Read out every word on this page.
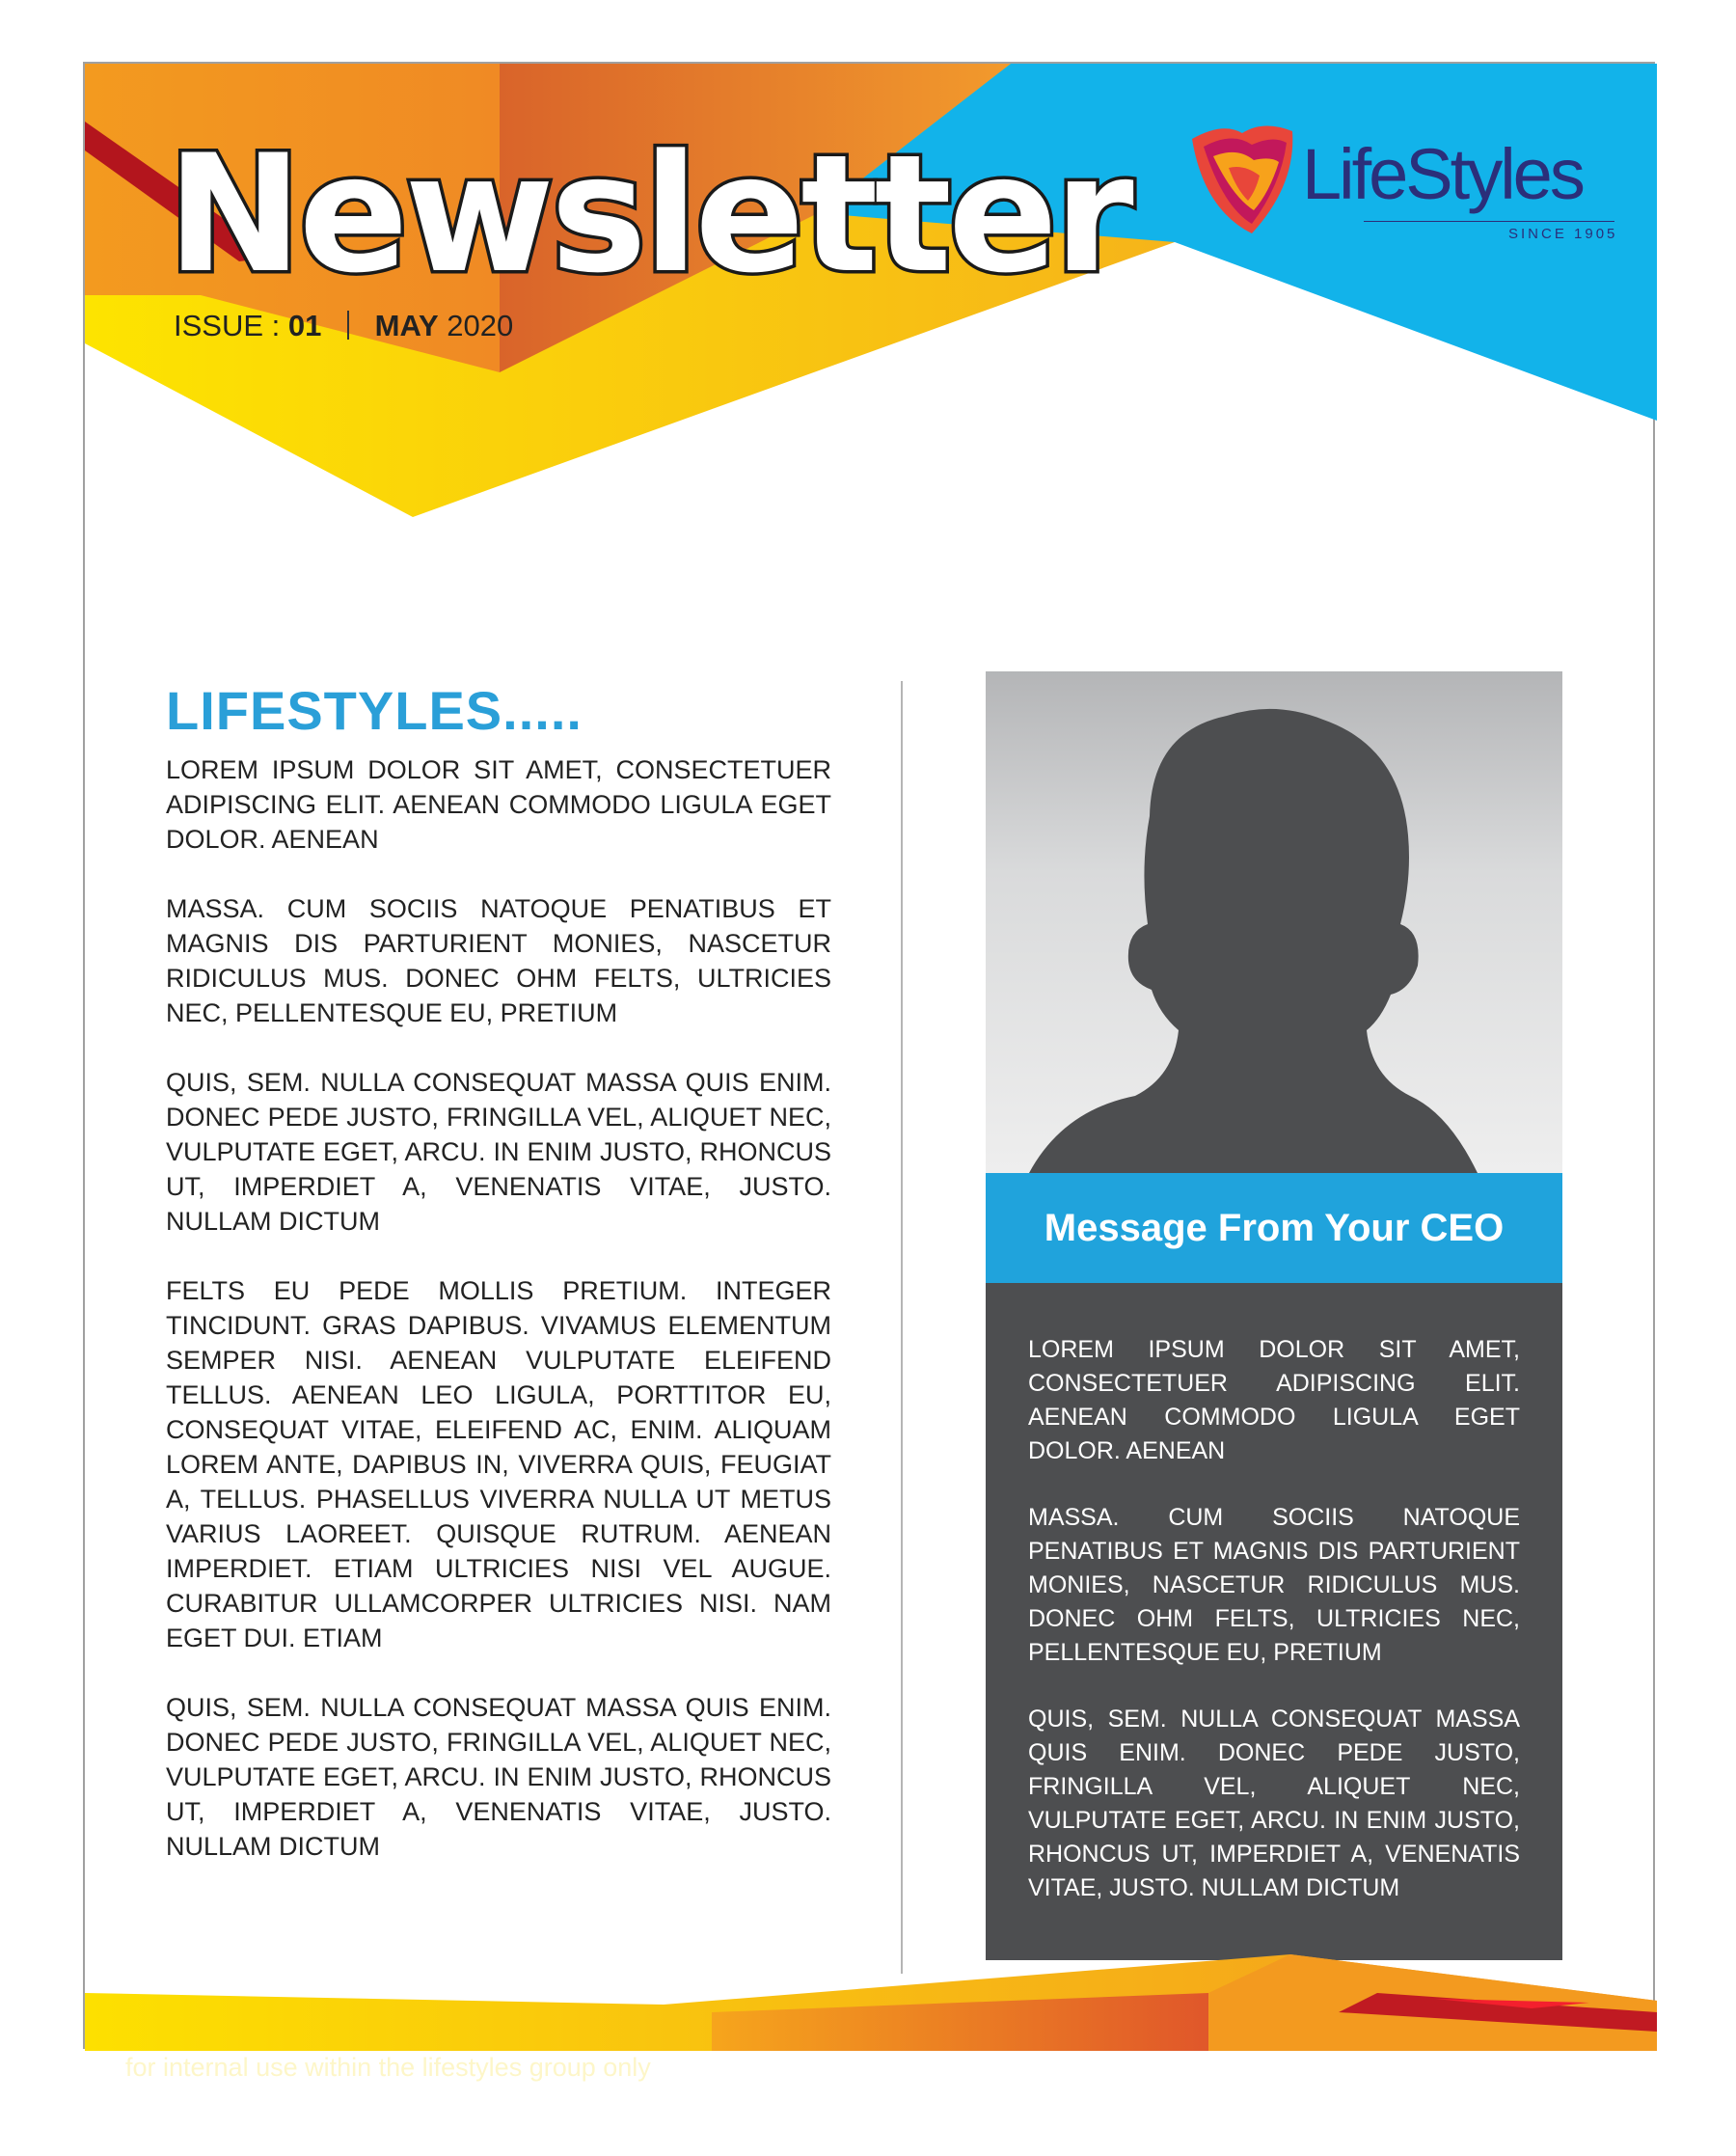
Newsletter
ISSUE : 01 MAY 2020
LifeStyles
SINCE 1905
LIFESTYLES.....

LOREM IPSUM DOLOR SIT AMET, CONSECTETUER ADIPISCING ELIT. AENEAN COMMODO LIGULA EGET DOLOR. AENEAN

MASSA. CUM SOCIIS NATOQUE PENATIBUS ET MAGNIS DIS PARTURIENT MONIES, NASCETUR RIDICULUS MUS. DONEC OHM FELTS, ULTRICIES NEC, PELLENTESQUE EU, PRETIUM

QUIS, SEM. NULLA CONSEQUAT MASSA QUIS ENIM. DONEC PEDE JUSTO, FRINGILLA VEL, ALIQUET NEC, VULPUTATE EGET, ARCU. IN ENIM JUSTO, RHONCUS UT, IMPERDIET A, VENENATIS VITAE, JUSTO. NULLAM DICTUM

FELTS EU PEDE MOLLIS PRETIUM. INTEGER TINCIDUNT. GRAS DAPIBUS. VIVAMUS ELEMENTUM SEMPER NISI. AENEAN VULPUTATE ELEIFEND TELLUS. AENEAN LEO LIGULA, PORTTITOR EU, CONSEQUAT VITAE, ELEIFEND AC, ENIM. ALIQUAM LOREM ANTE, DAPIBUS IN, VIVERRA QUIS, FEUGIAT A, TELLUS. PHASELLUS VIVERRA NULLA UT METUS VARIUS LAOREET. QUISQUE RUTRUM. AENEAN IMPERDIET. ETIAM ULTRICIES NISI VEL AUGUE. CURABITUR ULLAMCORPER ULTRICIES NISI. NAM EGET DUI. ETIAM

QUIS, SEM. NULLA CONSEQUAT MASSA QUIS ENIM. DONEC PEDE JUSTO, FRINGILLA VEL, ALIQUET NEC, VULPUTATE EGET, ARCU. IN ENIM JUSTO, RHONCUS UT, IMPERDIET A, VENENATIS VITAE, JUSTO. NULLAM DICTUM

Message From Your CEO

LOREM IPSUM DOLOR SIT AMET, CONSECTETUER ADIPISCING ELIT. AENEAN COMMODO LIGULA EGET DOLOR. AENEAN

MASSA. CUM SOCIIS NATOQUE PENATIBUS ET MAGNIS DIS PARTURIENT MONIES, NASCETUR RIDICULUS MUS. DONEC OHM FELTS, ULTRICIES NEC, PELLENTESQUE EU, PRETIUM

QUIS, SEM. NULLA CONSEQUAT MASSA QUIS ENIM. DONEC PEDE JUSTO, FRINGILLA VEL, ALIQUET NEC, VULPUTATE EGET, ARCU. IN ENIM JUSTO, RHONCUS UT, IMPERDIET A, VENENATIS VITAE, JUSTO. NULLAM DICTUM

for internal use within the lifestyles group only
